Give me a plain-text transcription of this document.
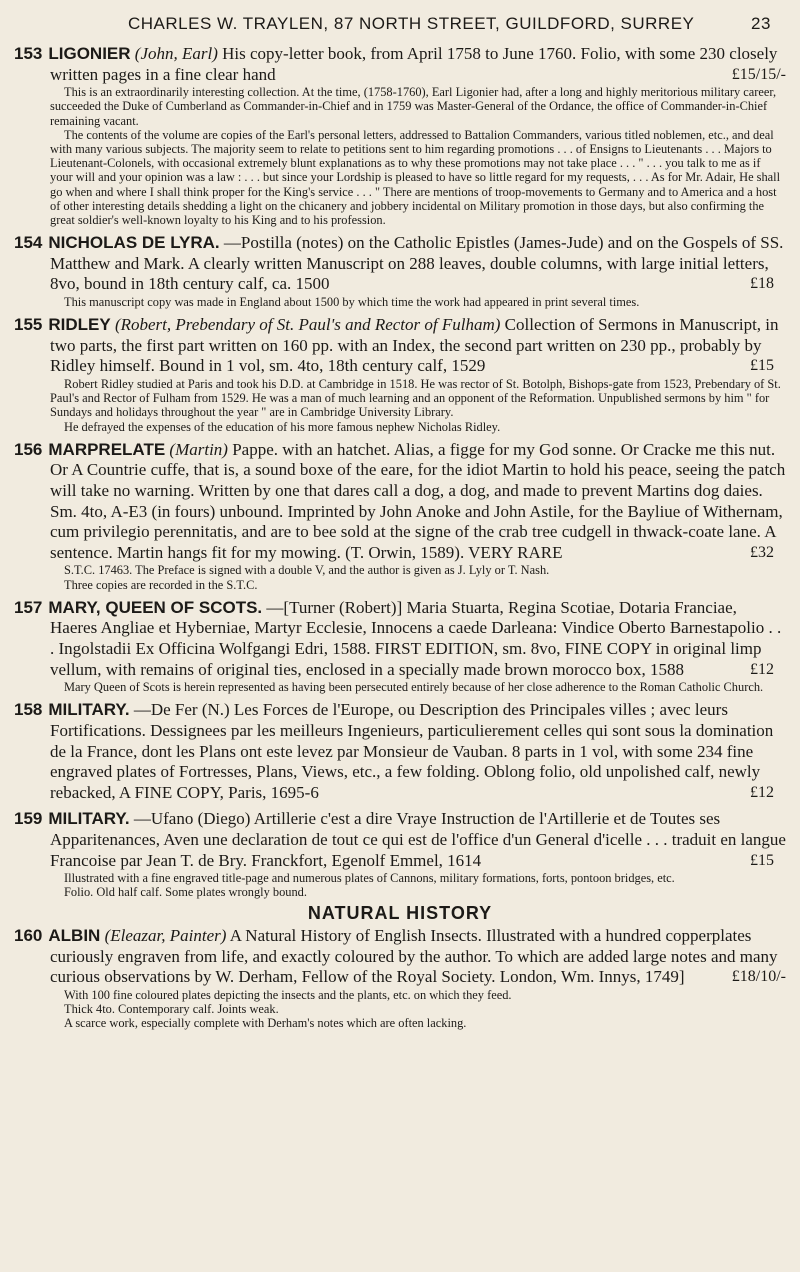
CHARLES W. TRAYLEN, 87 NORTH STREET, GUILDFORD, SURREY	23
153 LIGONIER (John, Earl) His copy-letter book, from April 1758 to June 1760. Folio, with some 230 closely written pages in a fine clear hand	£15/15/-
This is an extraordinarily interesting collection. At the time, (1758-1760), Earl Ligonier had, after a long and highly meritorious military career, succeeded the Duke of Cumberland as Commander-in-Chief and in 1759 was Master-General of the Ordance, the office of Commander-in-Chief remaining vacant.
The contents of the volume are copies of the Earl's personal letters, addressed to Battalion Commanders, various titled noblemen, etc., and deal with many various subjects. The majority seem to relate to petitions sent to him regarding promotions . . . of Ensigns to Lieutenants . . . Majors to Lieutenant-Colonels, with occasional extremely blunt explanations as to why these promotions may not take place . . . " . . . you talk to me as if your will and your opinion was a law : . . . but since your Lordship is pleased to have so little regard for my requests, . . . As for Mr. Adair, He shall go when and where I shall think proper for the King's service . . . " There are mentions of troop-movements to Germany and to America and a host of other interesting details shedding a light on the chicanery and jobbery incidental on Military promotion in those days, but also confirming the great soldier's well-known loyalty to his King and to his profession.
154 NICHOLAS DE LYRA. —Postilla (notes) on the Catholic Epistles (James-Jude) and on the Gospels of SS. Matthew and Mark. A clearly written Manuscript on 288 leaves, double columns, with large initial letters, 8vo, bound in 18th century calf, ca. 1500	£18
This manuscript copy was made in England about 1500 by which time the work had appeared in print several times.
155 RIDLEY (Robert, Prebendary of St. Paul's and Rector of Fulham) Collection of Sermons in Manuscript, in two parts, the first part written on 160 pp. with an Index, the second part written on 230 pp., probably by Ridley himself. Bound in 1 vol, sm. 4to, 18th century calf, 1529	£15
Robert Ridley studied at Paris and took his D.D. at Cambridge in 1518. He was rector of St. Botolph, Bishops-gate from 1523, Prebendary of St. Paul's and Rector of Fulham from 1529. He was a man of much learning and an opponent of the Reformation. Unpublished sermons by him " for Sundays and holidays throughout the year " are in Cambridge University Library.
He defrayed the expenses of the education of his more famous nephew Nicholas Ridley.
156 MARPRELATE (Martin) Pappe. with an hatchet. Alias, a figge for my God sonne. Or Cracke me this nut. Or A Countrie cuffe, that is, a sound boxe of the eare, for the idiot Martin to hold his peace, seeing the patch will take no warning. Written by one that dares call a dog, a dog, and made to prevent Martins dog daies. Sm. 4to, A-E3 (in fours) unbound. Imprinted by John Anoke and John Astile, for the Bayliue of Withernam, cum privilegio perennitatis, and are to bee sold at the signe of the crab tree cudgell in thwack-coate lane. A sentence. Martin hangs fit for my mowing. (T. Orwin, 1589). VERY RARE	£32
S.T.C. 17463. The Preface is signed with a double V, and the author is given as J. Lyly or T. Nash.
Three copies are recorded in the S.T.C.
157 MARY, QUEEN OF SCOTS. —[Turner (Robert)] Maria Stuarta, Regina Scotiae, Dotaria Franciae, Haeres Angliae et Hyberniae, Martyr Ecclesie, Innocens a caede Darleana: Vindice Oberto Barnestapolio . . . Ingolstadii Ex Officina Wolfgangi Edri, 1588. FIRST EDITION, sm. 8vo, FINE COPY in original limp vellum, with remains of original ties, enclosed in a specially made brown morocco box, 1588	£12
Mary Queen of Scots is herein represented as having been persecuted entirely because of her close adherence to the Roman Catholic Church.
158 MILITARY. —De Fer (N.) Les Forces de l'Europe, ou Description des Principales villes ; avec leurs Fortifications. Dessignees par les meilleurs Ingenieurs, particulierement celles qui sont sous la domination de la France, dont les Plans ont este levez par Monsieur de Vauban. 8 parts in 1 vol, with some 234 fine engraved plates of Fortresses, Plans, Views, etc., a few folding. Oblong folio, old unpolished calf, newly rebacked, A FINE COPY, Paris, 1695-6	£12
159 MILITARY. —Ufano (Diego) Artillerie c'est a dire Vraye Instruction de l'Artillerie et de Toutes ses Apparitenances, Aven une declaration de tout ce qui est de l'office d'un General d'icelle . . . traduit en langue Francoise par Jean T. de Bry. Franckfort, Egenolf Emmel, 1614	£15
Illustrated with a fine engraved title-page and numerous plates of Cannons, military formations, forts, pontoon bridges, etc.
Folio. Old half calf. Some plates wrongly bound.
NATURAL HISTORY
160 ALBIN (Eleazar, Painter) A Natural History of English Insects. Illustrated with a hundred copperplates curiously engraven from life, and exactly coloured by the author. To which are added large notes and many curious observations by W. Derham, Fellow of the Royal Society. London, Wm. Innys, 1749]	£18/10/-
With 100 fine coloured plates depicting the insects and the plants, etc. on which they feed.
Thick 4to. Contemporary calf. Joints weak.
A scarce work, especially complete with Derham's notes which are often lacking.
